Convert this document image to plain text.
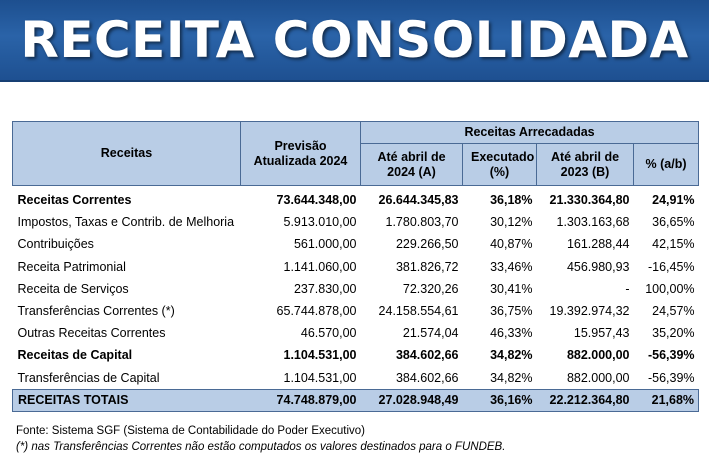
RECEITA CONSOLIDADA
Receitas	Previsão Atualizada 2024	Receitas Arrecadadas			
		Até abril de 2024 (A)	Executado (%)	Até abril de 2023 (B)	% (a/b)
Receitas Correntes	73.644.348,00	26.644.345,83	36,18%	21.330.364,80	24,91%
Impostos, Taxas e Contrib. de Melhoria	5.913.010,00	1.780.803,70	30,12%	1.303.163,68	36,65%
Contribuições	561.000,00	229.266,50	40,87%	161.288,44	42,15%
Receita Patrimonial	1.141.060,00	381.826,72	33,46%	456.980,93	-16,45%
Receita de Serviços	237.830,00	72.320,26	30,41%	-	100,00%
Transferências Correntes (*)	65.744.878,00	24.158.554,61	36,75%	19.392.974,32	24,57%
Outras Receitas Correntes	46.570,00	21.574,04	46,33%	15.957,43	35,20%
Receitas de Capital	1.104.531,00	384.602,66	34,82%	882.000,00	-56,39%
Transferências de Capital	1.104.531,00	384.602,66	34,82%	882.000,00	-56,39%
RECEITAS TOTAIS	74.748.879,00	27.028.948,49	36,16%	22.212.364,80	21,68%
Fonte: Sistema SGF (Sistema de Contabilidade do Poder Executivo)
(*) nas Transferências Correntes não estão computados os valores destinados para o FUNDEB.
